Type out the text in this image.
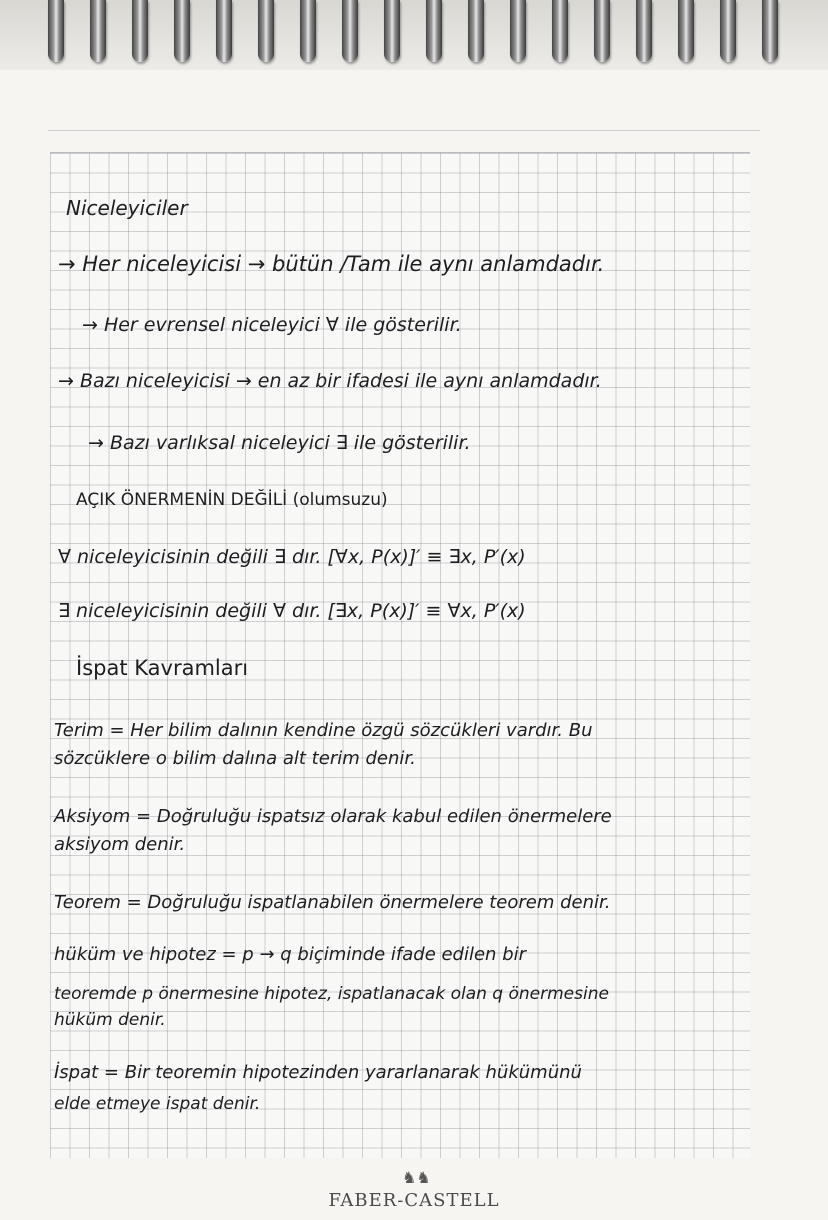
Niceleyiciler
→ Her niceleyicisi → bütün /Tam ile aynı anlamdadır.
→ Her evrensel niceleyici ∀ ile gösterilir.
→ Bazı niceleyicisi → en az bir ifadesi ile aynı anlamdadır.
→ Bazı varlıksal niceleyici ∃ ile gösterilir.
AÇIK ÖNERMENİN DEĞİLİ (olumsuzu)
∀ niceleyicisinin değili ∃ dır. [∀x, P(x)]′ ≡ ∃x, P′(x)
∃ niceleyicisinin değili ∀ dır. [∃x, P(x)]′ ≡ ∀x, P′(x)
İspat Kavramları
Terim = Her bilim dalının kendine özgü sözcükleri vardır. Bu
sözcüklere o bilim dalına alt terim denir.
Aksiyom = Doğruluğu ispatsız olarak kabul edilen önermelere
aksiyom denir.
Teorem = Doğruluğu ispatlanabilen önermelere teorem denir.
hüküm ve hipotez = p → q biçiminde ifade edilen bir
teoremde p önermesine hipotez, ispatlanacak olan q önermesine
hüküm denir.
İspat = Bir teoremin hipotezinden yararlanarak hükümünü
elde etmeye ispat denir.
♞♞
FABER-CASTELL
